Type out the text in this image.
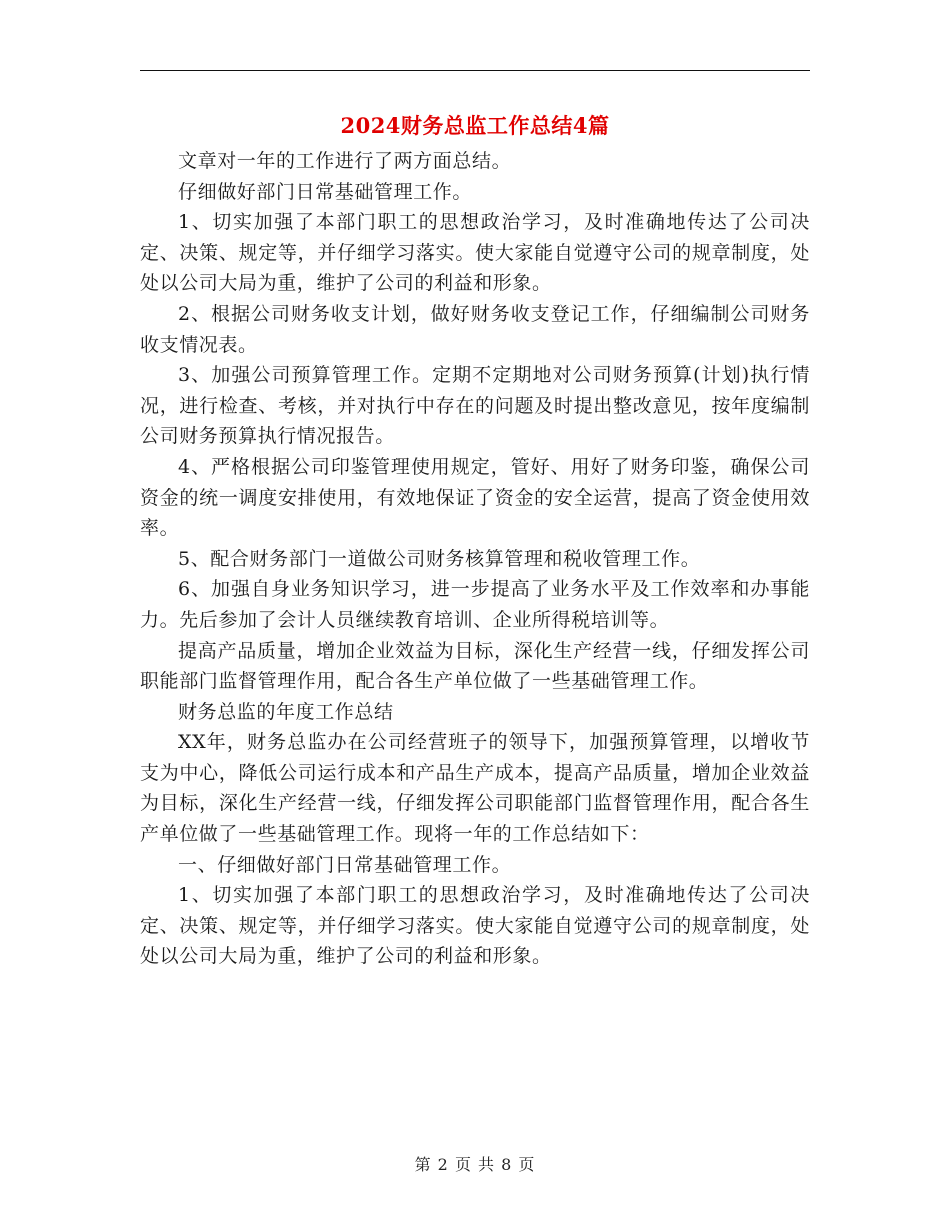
2024财务总监工作总结4篇

文章对一年的工作进行了两方面总结。

仔细做好部门日常基础管理工作。

1、切实加强了本部门职工的思想政治学习，及时准确地传达了公司决定、决策、规定等，并仔细学习落实。使大家能自觉遵守公司的规章制度，处处以公司大局为重，维护了公司的利益和形象。

2、根据公司财务收支计划，做好财务收支登记工作，仔细编制公司财务收支情况表。

3、加强公司预算管理工作。定期不定期地对公司财务预算(计划)执行情况，进行检查、考核，并对执行中存在的问题及时提出整改意见，按年度编制公司财务预算执行情况报告。

4、严格根据公司印鉴管理使用规定，管好、用好了财务印鉴，确保公司资金的统一调度安排使用，有效地保证了资金的安全运营，提高了资金使用效率。

5、配合财务部门一道做公司财务核算管理和税收管理工作。

6、加强自身业务知识学习，进一步提高了业务水平及工作效率和办事能力。先后参加了会计人员继续教育培训、企业所得税培训等。

提高产品质量，增加企业效益为目标，深化生产经营一线，仔细发挥公司职能部门监督管理作用，配合各生产单位做了一些基础管理工作。

财务总监的年度工作总结

XX年，财务总监办在公司经营班子的领导下，加强预算管理，以增收节支为中心，降低公司运行成本和产品生产成本，提高产品质量，增加企业效益为目标，深化生产经营一线，仔细发挥公司职能部门监督管理作用，配合各生产单位做了一些基础管理工作。现将一年的工作总结如下：

一、仔细做好部门日常基础管理工作。

1、切实加强了本部门职工的思想政治学习，及时准确地传达了公司决定、决策、规定等，并仔细学习落实。使大家能自觉遵守公司的规章制度，处处以公司大局为重，维护了公司的利益和形象。

第 2 页 共 8 页
